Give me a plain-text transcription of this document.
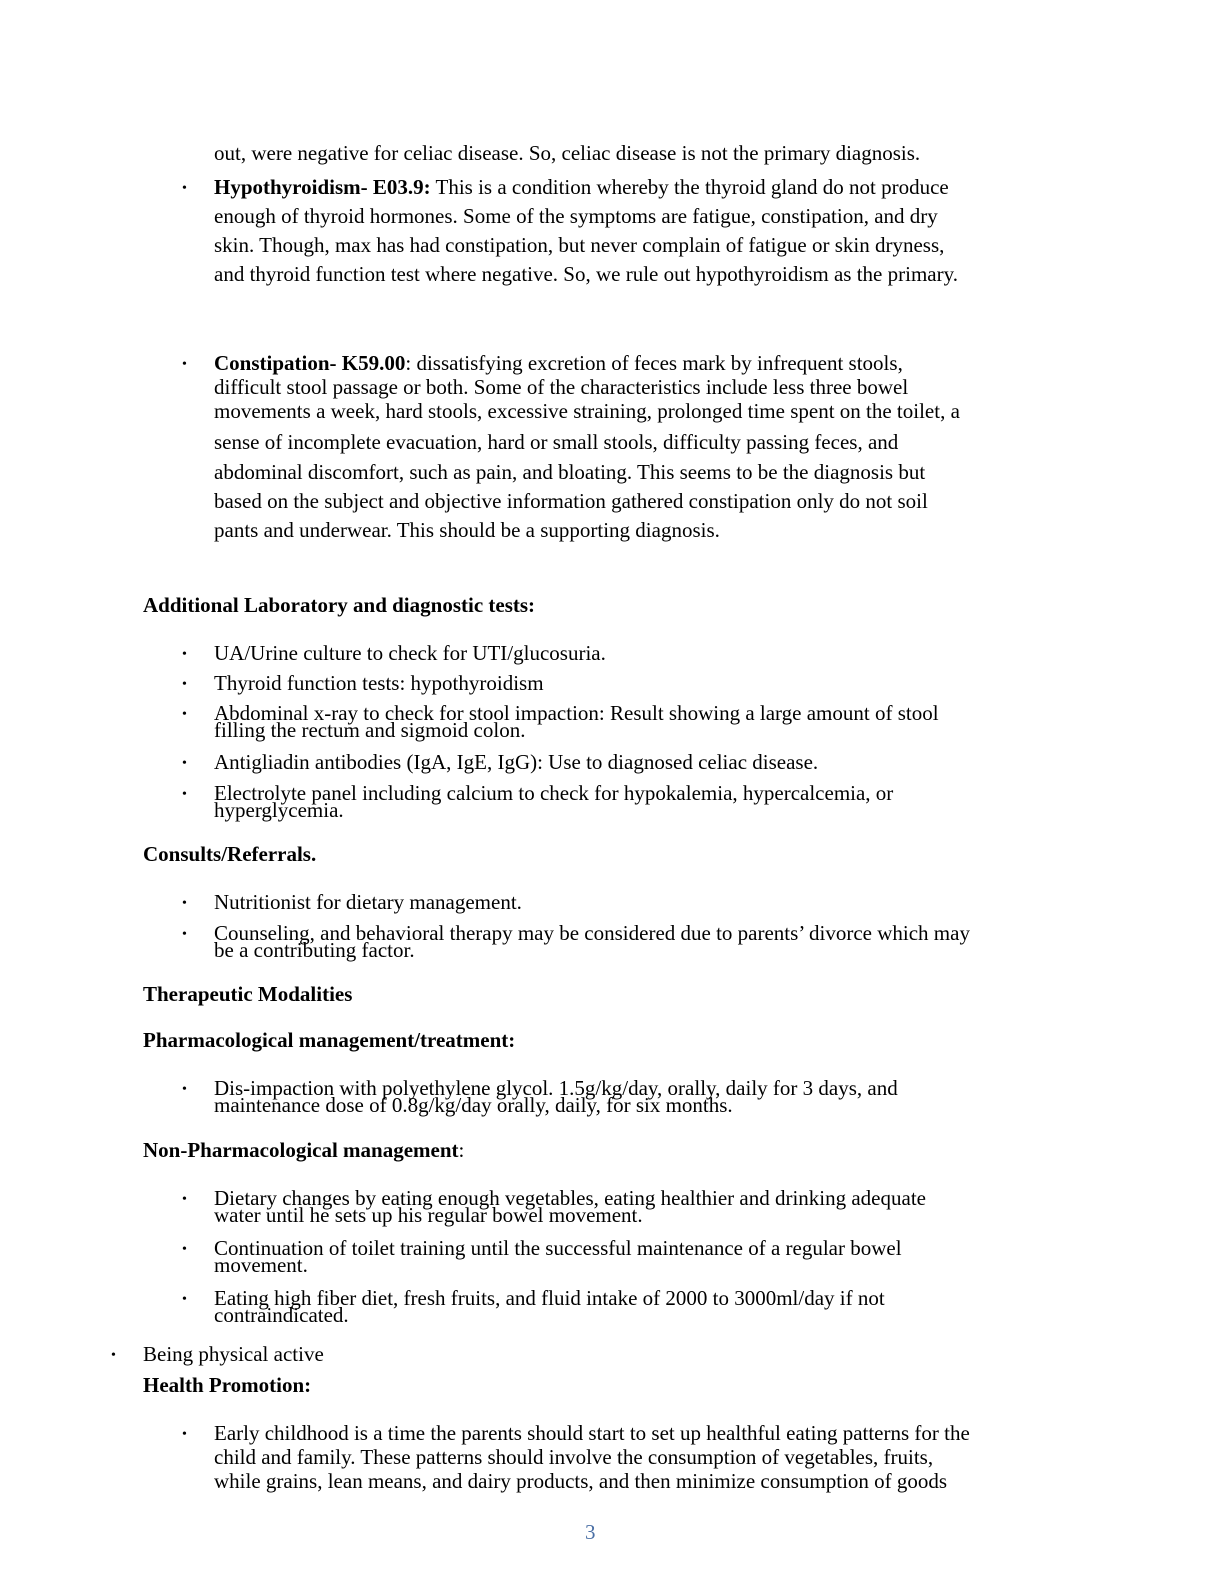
out, were negative for celiac disease. So, celiac disease is not the primary diagnosis.
• Hypothyroidism- E03.9: This is a condition whereby the thyroid gland do not produce
enough of thyroid hormones. Some of the symptoms are fatigue, constipation, and dry
skin. Though, max has had constipation, but never complain of fatigue or skin dryness,
and thyroid function test where negative. So, we rule out hypothyroidism as the primary.
• Constipation- K59.00: dissatisfying excretion of feces mark by infrequent stools,
difficult stool passage or both. Some of the characteristics include less three bowel
movements a week, hard stools, excessive straining, prolonged time spent on the toilet, a
sense of incomplete evacuation, hard or small stools, difficulty passing feces, and
abdominal discomfort, such as pain, and bloating. This seems to be the diagnosis but
based on the subject and objective information gathered constipation only do not soil
pants and underwear. This should be a supporting diagnosis.
Additional Laboratory and diagnostic tests:
• UA/Urine culture to check for UTI/glucosuria.
• Thyroid function tests: hypothyroidism
• Abdominal x-ray to check for stool impaction: Result showing a large amount of stool
filling the rectum and sigmoid colon.
• Antigliadin antibodies (IgA, IgE, IgG): Use to diagnosed celiac disease.
• Electrolyte panel including calcium to check for hypokalemia, hypercalcemia, or
hyperglycemia.
Consults/Referrals.
• Nutritionist for dietary management.
• Counseling, and behavioral therapy may be considered due to parents’ divorce which may
be a contributing factor.
Therapeutic Modalities
Pharmacological management/treatment:
• Dis-impaction with polyethylene glycol. 1.5g/kg/day, orally, daily for 3 days, and
maintenance dose of 0.8g/kg/day orally, daily, for six months.
Non-Pharmacological management:
• Dietary changes by eating enough vegetables, eating healthier and drinking adequate
water until he sets up his regular bowel movement.
• Continuation of toilet training until the successful maintenance of a regular bowel
movement.
• Eating high fiber diet, fresh fruits, and fluid intake of 2000 to 3000ml/day if not
contraindicated.
• Being physical active
Health Promotion:
• Early childhood is a time the parents should start to set up healthful eating patterns for the
child and family. These patterns should involve the consumption of vegetables, fruits,
while grains, lean means, and dairy products, and then minimize consumption of goods
3
